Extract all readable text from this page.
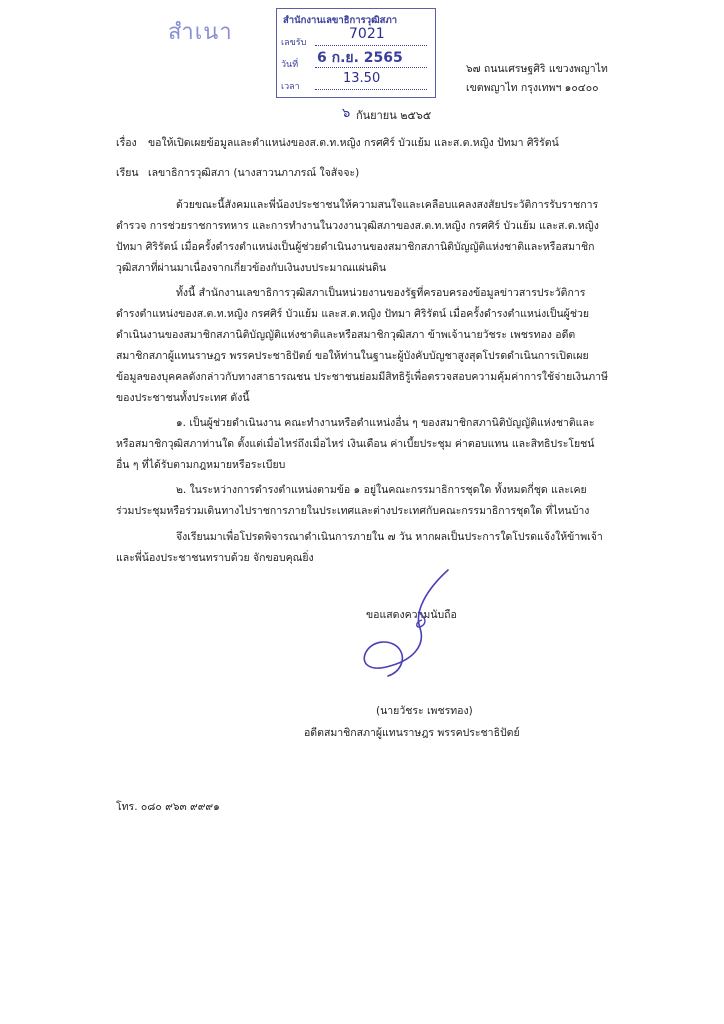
สำเนา	สำนักงานเลขาธิการวุฒิสภา
เลขรับ
7021
วันที่ 6 ก.ย. 2565
เวลา
13.50
๖๗ ถนนเศรษฐศิริ แขวงพญาไท
เขตพญาไท กรุงเทพฯ ๑๐๔๐๐
๖ กันยายน ๒๕๖๕
เรื่อง ขอให้เปิดเผยข้อมูลและตำแหน่งของส.ต.ท.หญิง กรศศิร์ บัวแย้ม และส.ต.หญิง ปัทมา ศิริรัตน์
เรียน เลขาธิการวุฒิสภา (นางสาวนภาภรณ์ ใจสัจจะ)
ด้วยขณะนี้สังคมและพี่น้องประชาชนให้ความสนใจและเคลือบแคลงสงสัยประวัติการรับราชการ
ตำรวจ การช่วยราชการทหาร และการทำงานในวงงานวุฒิสภาของส.ต.ท.หญิง กรศศิร์ บัวแย้ม และส.ต.หญิง
ปัทมา ศิริรัตน์ เมื่อครั้งดำรงตำแหน่งเป็นผู้ช่วยดำเนินงานของสมาชิกสภานิติบัญญัติแห่งชาติและหรือสมาชิก
วุฒิสภาที่ผ่านมาเนื่องจากเกี่ยวข้องกับเงินงบประมาณแผ่นดิน
ทั้งนี้ สำนักงานเลขาธิการวุฒิสภาเป็นหน่วยงานของรัฐที่ครอบครองข้อมูลข่าวสารประวัติการ
ดำรงตำแหน่งของส.ต.ท.หญิง กรศศิร์ บัวแย้ม และส.ต.หญิง ปัทมา ศิริรัตน์ เมื่อครั้งดำรงตำแหน่งเป็นผู้ช่วย
ดำเนินงานของสมาชิกสภานิติบัญญัติแห่งชาติและหรือสมาชิกวุฒิสภา ข้าพเจ้านายวัชระ เพชรทอง อดีต
สมาชิกสภาผู้แทนราษฎร พรรคประชาธิปัตย์ ขอให้ท่านในฐานะผู้บังคับบัญชาสูงสุดโปรดดำเนินการเปิดเผย
ข้อมูลของบุคคลดังกล่าวกับทางสาธารณชน ประชาชนย่อมมีสิทธิรู้เพื่อตรวจสอบความคุ้มค่าการใช้จ่ายเงินภาษี
ของประชาชนทั้งประเทศ ดังนี้
๑. เป็นผู้ช่วยดำเนินงาน คณะทำงานหรือตำแหน่งอื่น ๆ ของสมาชิกสภานิติบัญญัติแห่งชาติและ
หรือสมาชิกวุฒิสภาท่านใด ตั้งแต่เมื่อไหร่ถึงเมื่อไหร่ เงินเดือน ค่าเบี้ยประชุม ค่าตอบแทน และสิทธิประโยชน์
อื่น ๆ ที่ได้รับตามกฎหมายหรือระเบียบ
๒. ในระหว่างการดำรงตำแหน่งตามข้อ ๑ อยู่ในคณะกรรมาธิการชุดใด ทั้งหมดกี่ชุด และเคย
ร่วมประชุมหรือร่วมเดินทางไปราชการภายในประเทศและต่างประเทศกับคณะกรรมาธิการชุดใด ที่ไหนบ้าง
จึงเรียนมาเพื่อโปรดพิจารณาดำเนินการภายใน ๗ วัน หากผลเป็นประการใดโปรดแจ้งให้ข้าพเจ้า
และพี่น้องประชาชนทราบด้วย จักขอบคุณยิ่ง
ขอแสดงความนับถือ
(นายวัชระ เพชรทอง)
อดีตสมาชิกสภาผู้แทนราษฎร พรรคประชาธิปัตย์
โทร. ๐๘๐ ๙๖๓ ๙๙๙๑
